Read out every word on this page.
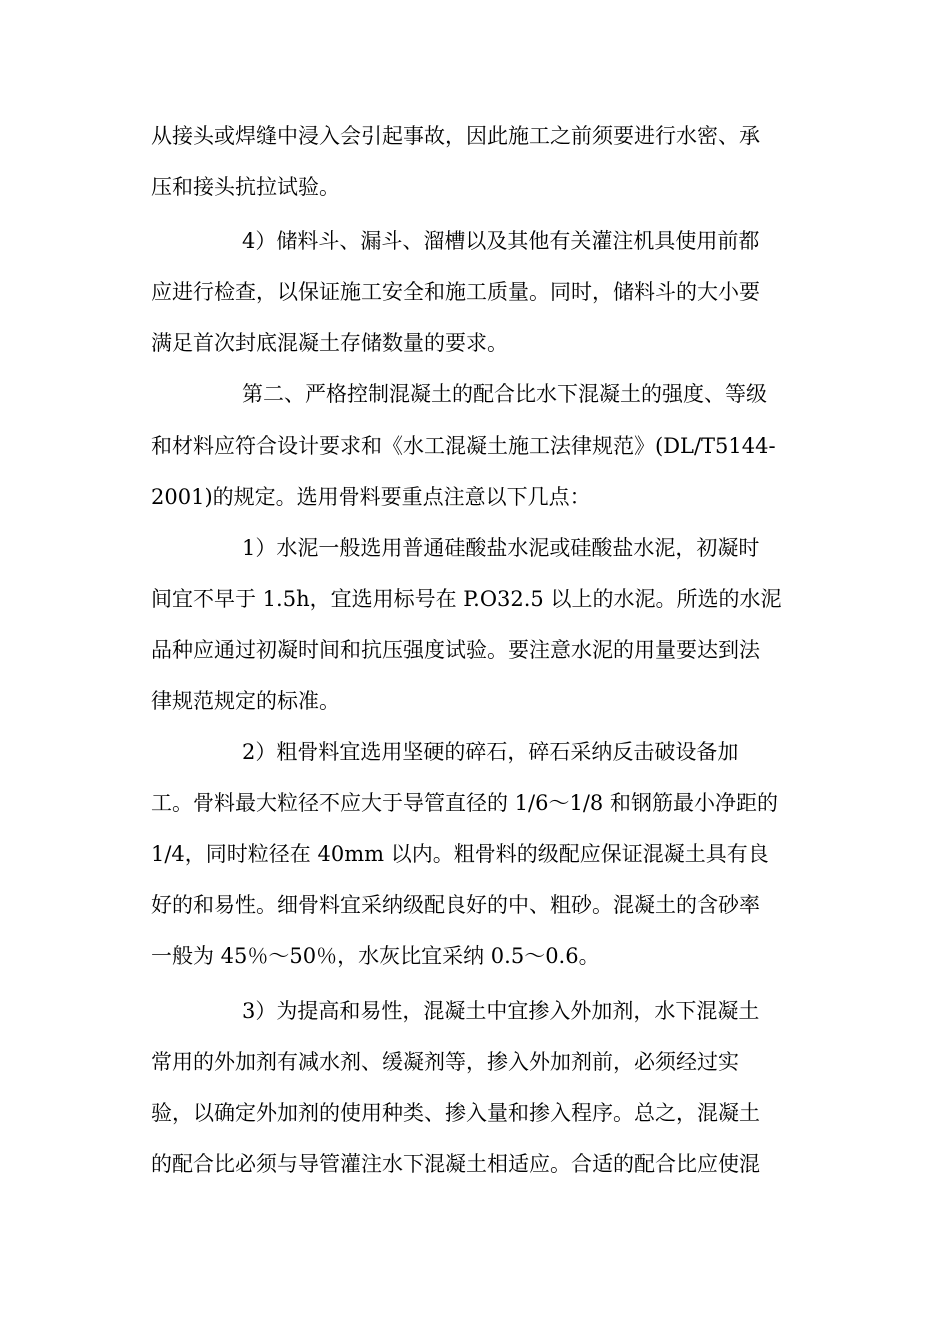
从接头或焊缝中浸入会引起事故，因此施工之前须要进行水密、承
压和接头抗拉试验。
4）储料斗、漏斗、溜槽以及其他有关灌注机具使用前都
应进行检查，以保证施工安全和施工质量。同时，储料斗的大小要
满足首次封底混凝土存储数量的要求。
第二、严格控制混凝土的配合比水下混凝土的强度、等级
和材料应符合设计要求和《水工混凝土施工法律规范》(DL/T5144-
2001)的规定。选用骨料要重点注意以下几点：
1）水泥一般选用普通硅酸盐水泥或硅酸盐水泥，初凝时
间宜不早于 1.5h，宜选用标号在 P.O32.5 以上的水泥。所选的水泥
品种应通过初凝时间和抗压强度试验。要注意水泥的用量要达到法
律规范规定的标准。
2）粗骨料宜选用坚硬的碎石，碎石采纳反击破设备加
工。骨料最大粒径不应大于导管直径的 1/6～1/8 和钢筋最小净距的
1/4，同时粒径在 40mm 以内。粗骨料的级配应保证混凝土具有良
好的和易性。细骨料宜采纳级配良好的中、粗砂。混凝土的含砂率
一般为 45％～50％，水灰比宜采纳 0.5～0.6。
3）为提高和易性，混凝土中宜掺入外加剂，水下混凝土
常用的外加剂有减水剂、缓凝剂等，掺入外加剂前，必须经过实
验，以确定外加剂的使用种类、掺入量和掺入程序。总之，混凝土
的配合比必须与导管灌注水下混凝土相适应。合适的配合比应使混
